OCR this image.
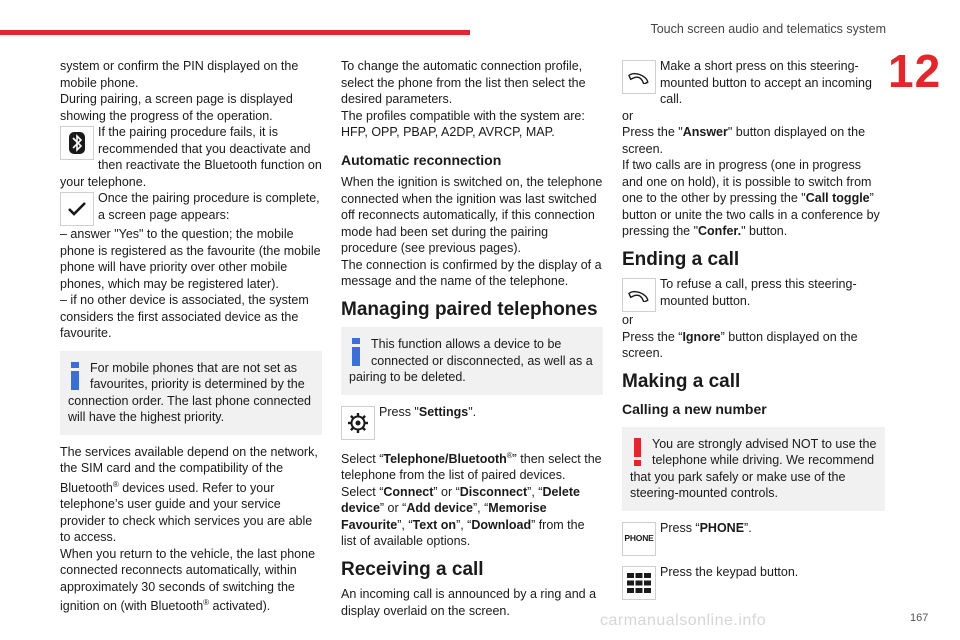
Touch screen audio and telematics system
12

system or confirm the PIN displayed on the mobile phone.

During pairing, a screen page is displayed showing the progress of the operation.

If the pairing procedure fails, it is recommended that you deactivate and then reactivate the Bluetooth function on your telephone.
Once the pairing procedure is complete, a screen page appears:

– answer "Yes" to the question; the mobile phone is registered as the favourite (the mobile phone will have priority over other mobile phones, which may be registered later).

– if no other device is associated, the system considers the first associated device as the favourite.

For mobile phones that are not set as favourites, priority is determined by the connection order. The last phone connected will have the highest priority.

The services available depend on the network, the SIM card and the compatibility of the Bluetooth® devices used. Refer to your telephone’s user guide and your service provider to check which services you are able to access.

When you return to the vehicle, the last phone connected reconnects automatically, within approximately 30 seconds of switching the ignition on (with Bluetooth® activated).

To change the automatic connection profile, select the phone from the list then select the desired parameters.

The profiles compatible with the system are: HFP, OPP, PBAP, A2DP, AVRCP, MAP.

Automatic reconnection

When the ignition is switched on, the telephone connected when the ignition was last switched off reconnects automatically, if this connection mode had been set during the pairing procedure (see previous pages).

The connection is confirmed by the display of a message and the name of the telephone.

Managing paired telephones
This function allows a device to be connected or disconnected, as well as a pairing to be deleted.
Press "Settings".

Select “Telephone/Bluetooth®” then select the telephone from the list of paired devices.

Select “Connect” or “Disconnect”, “Delete device” or “Add device”, “Memorise Favourite”, “Text on”, “Download” from the list of available options.

Receiving a call

An incoming call is announced by a ring and a display overlaid on the screen.

Make a short press on this steering-mounted button to accept an incoming call.

or

Press the "Answer" button displayed on the screen.

If two calls are in progress (one in progress and one on hold), it is possible to switch from one to the other by pressing the "Call toggle” button or unite the two calls in a conference by pressing the "Confer." button.

Ending a call
To refuse a call, press this steering-mounted button.

or

Press the “Ignore” button displayed on the screen.

Making a call
Calling a new number
You are strongly advised NOT to use the telephone while driving. We recommend that you park safely or make use of the steering-mounted controls.
PHONE
Press “PHONE”.
Press the keypad button.
carmanualsonline.info	167
